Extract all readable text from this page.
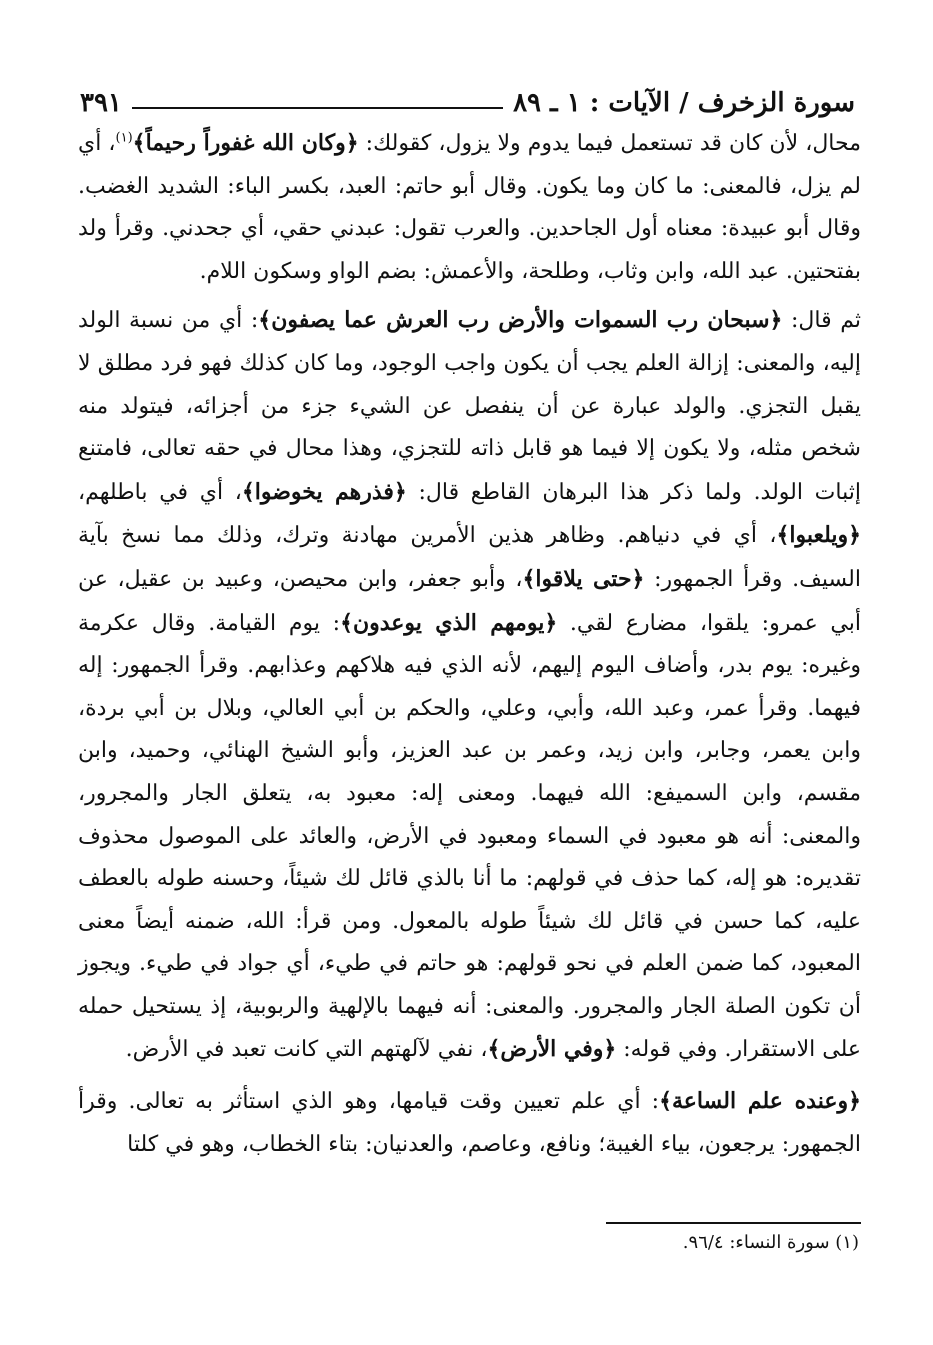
سورة الزخرف / الآيات : ١ ـ ٨٩
٣٩١

محال، لأن كان قد تستعمل فيما يدوم ولا يزول، كقولك: ﴿وكان الله غفوراً رحيماً﴾$^{(١)}$، أي لم يزل، فالمعنى: ما كان وما يكون. وقال أبو حاتم: العبد، بكسر الباء: الشديد الغضب. وقال أبو عبيدة: معناه أول الجاحدين. والعرب تقول: عبدني حقي، أي جحدني. وقرأ ولد بفتحتين. عبد الله، وابن وثاب، وطلحة، والأعمش: بضم الواو وسكون اللام.

ثم قال: ﴿سبحان رب السموات والأرض رب العرش عما يصفون﴾: أي من نسبة الولد إليه، والمعنى: إزالة العلم يجب أن يكون واجب الوجود، وما كان كذلك فهو فرد مطلق لا يقبل التجزي. والولد عبارة عن أن ينفصل عن الشيء جزء من أجزائه، فيتولد منه شخص مثله، ولا يكون إلا فيما هو قابل ذاته للتجزي، وهذا محال في حقه تعالى، فامتنع إثبات الولد. ولما ذكر هذا البرهان القاطع قال: ﴿فذرهم يخوضوا﴾، أي في باطلهم، ﴿ويلعبوا﴾، أي في دنياهم. وظاهر هذين الأمرين مهادنة وترك، وذلك مما نسخ بآية السيف. وقرأ الجمهور: ﴿حتى يلاقوا﴾، وأبو جعفر، وابن محيصن، وعبيد بن عقيل، عن أبي عمرو: يلقوا، مضارع لقي. ﴿يومهم الذي يوعدون﴾: يوم القيامة. وقال عكرمة وغيره: يوم بدر، وأضاف اليوم إليهم، لأنه الذي فيه هلاكهم وعذابهم. وقرأ الجمهور: إله فيهما. وقرأ عمر، وعبد الله، وأبي، وعلي، والحكم بن أبي العالي، وبلال بن أبي بردة، وابن يعمر، وجابر، وابن زيد، وعمر بن عبد العزيز، وأبو الشيخ الهنائي، وحميد، وابن مقسم، وابن السميفع: الله فيهما. ومعنى إله: معبود به، يتعلق الجار والمجرور، والمعنى: أنه هو معبود في السماء ومعبود في الأرض، والعائد على الموصول محذوف تقديره: هو إله، كما حذف في قولهم: ما أنا بالذي قائل لك شيئاً، وحسنه طوله بالعطف عليه، كما حسن في قائل لك شيئاً طوله بالمعول. ومن قرأ: الله، ضمنه أيضاً معنى المعبود، كما ضمن العلم في نحو قولهم: هو حاتم في طيء، أي جواد في طيء. ويجوز أن تكون الصلة الجار والمجرور. والمعنى: أنه فيهما بالإلهية والربوبية، إذ يستحيل حمله على الاستقرار. وفي قوله: ﴿وفي الأرض﴾، نفي لآلهتهم التي كانت تعبد في الأرض.

﴿وعنده علم الساعة﴾: أي علم تعيين وقت قيامها، وهو الذي استأثر به تعالى. وقرأ الجمهور: يرجعون، بياء الغيبة؛ ونافع، وعاصم، والعدنيان: بتاء الخطاب، وهو في كلتا

(١) سورة النساء: ٩٦/٤.
